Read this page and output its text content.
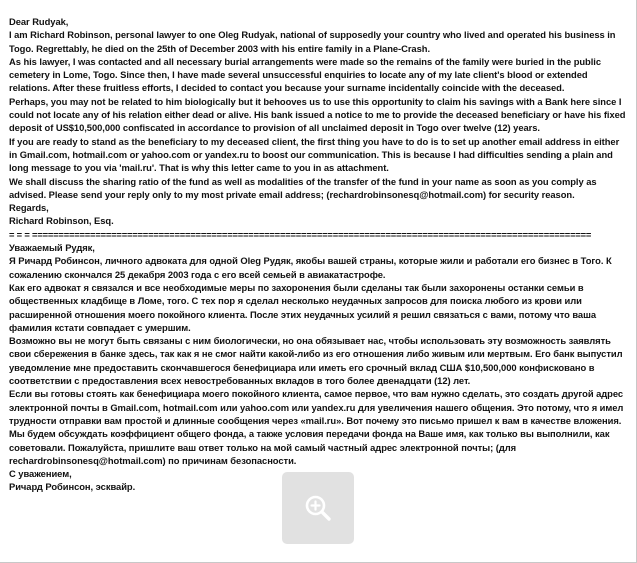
Dear Rudyak,

I am Richard Robinson, personal lawyer to one Oleg Rudyak, national of supposedly your country who lived and operated his business in Togo. Regrettably, he died on the 25th of December 2003 with his entire family in a Plane-Crash.

As his lawyer, I was contacted and all necessary burial arrangements were made so the remains of the family were buried in the public cemetery in Lome, Togo. Since then, I have made several unsuccessful enquiries to locate any of my late client's blood or extended relations. After these fruitless efforts, I decided to contact you because your surname incidentally coincide with the deceased.

Perhaps, you may not be related to him biologically but it behooves us to use this opportunity to claim his savings with a Bank here since I could not locate any of his relation either dead or alive. His bank issued a notice to me to provide the deceased beneficiary or have his fixed deposit of US$10,500,000 confiscated in accordance to provision of all unclaimed deposit in Togo over twelve (12) years.

If you are ready to stand as the beneficiary to my deceased client, the first thing you have to do is to set up another email address in either in Gmail.com, hotmail.com or yahoo.com or yandex.ru to boost our communication. This is because I had difficulties sending a plain and long message to you via 'mail.ru'. That is why this letter came to you in as attachment.

We shall discuss the sharing ratio of the fund as well as modalities of the transfer of the fund in your name as soon as you comply as advised. Please send your reply only to my most private email address; (rechardrobinsonesq@hotmail.com) for security reason.

Regards,

Richard Robinson, Esq.

= = = ==========================================================================================================

Уважаемый Рудяк,

Я Ричард Робинсон, личного адвоката для одной Oleg Рудяк, якобы вашей страны, которые жили и работали его бизнес в Того. К сожалению скончался 25 декабря 2003 года с его всей семьей в авиакатастрофе.

Как его адвокат я связался и все необходимые меры по захоронения были сделаны так были захоронены останки семьи в общественных кладбище в Ломе, того. С тех пор я сделал несколько неудачных запросов для поиска любого из крови или расширенной отношения моего покойного клиента. После этих неудачных усилий я решил связаться с вами, потому что ваша фамилия кстати совпадает с умершим.

Возможно вы не могут быть связаны с ним биологически, но она обязывает нас, чтобы использовать эту возможность заявлять свои сбережения в банке здесь, так как я не смог найти какой-либо из его отношения либо живым или мертвым. Его банк выпустил уведомление мне предоставить скончавшегося бенефициара или иметь его срочный вклад США $10,500,000 конфисковано в соответствии с предоставления всех невостребованных вкладов в того более двенадцати (12) лет.

Если вы готовы стоять как бенефициара моего покойного клиента, самое первое, что вам нужно сделать, это создать другой адрес электронной почты в Gmail.com, hotmail.com или yahoo.com или yandex.ru для увеличения нашего общения. Это потому, что я имел трудности отправки вам простой и длинные сообщения через «mail.ru». Вот почему это письмо пришел к вам в качестве вложения.

Мы будем обсуждать коэффициент общего фонда, а также условия передачи фонда на Ваше имя, как только вы выполнили, как советовали. Пожалуйста, пришлите ваш ответ только на мой самый частный адрес электронной почты; (для rechardrobinsonesq@hotmail.com) по причинам безопасности.

С уважением,

Ричард Робинсон, эсквайр.
